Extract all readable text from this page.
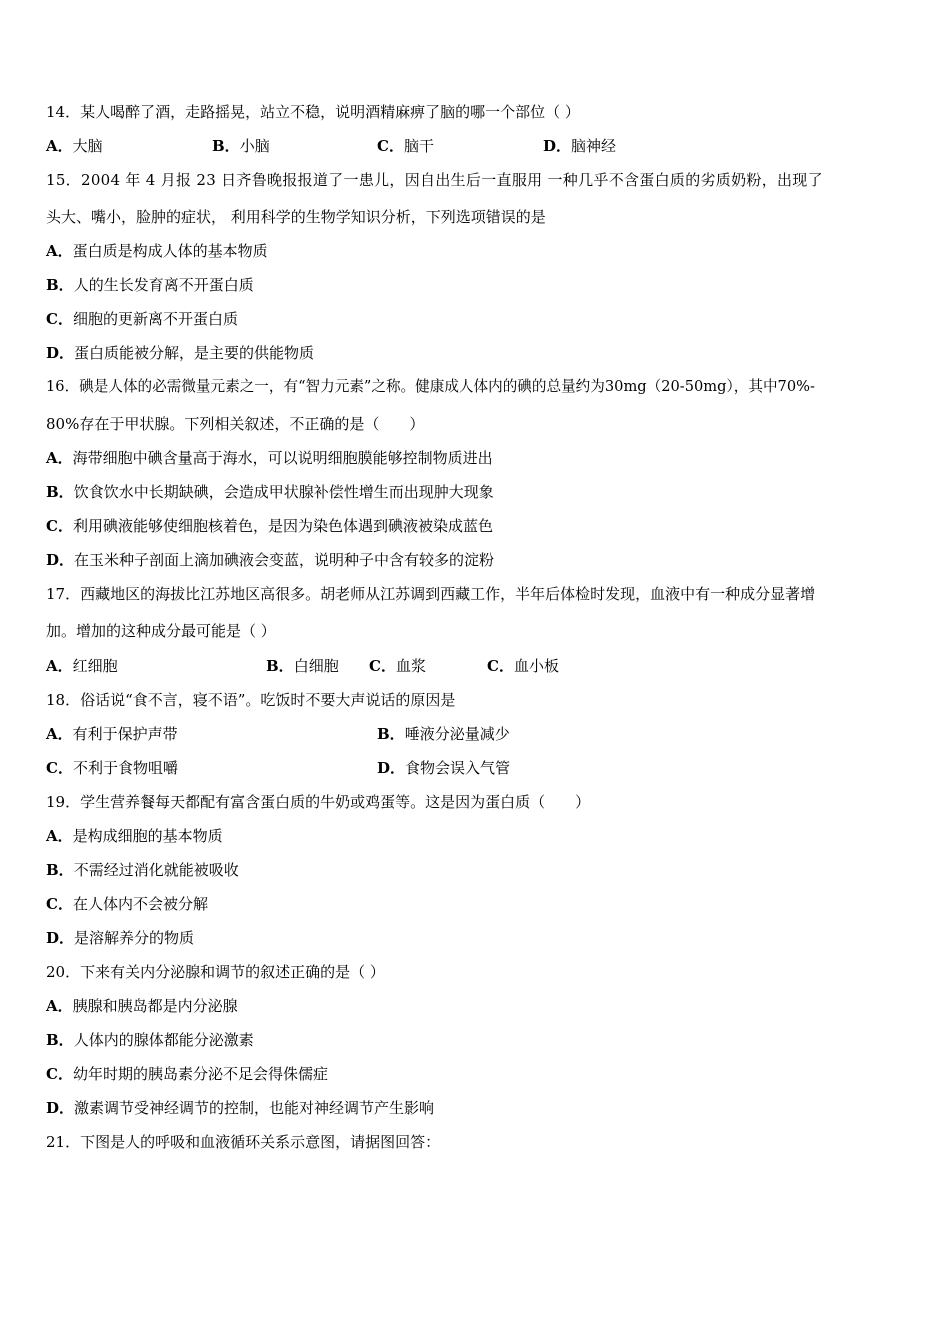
14．某人喝醉了酒，走路摇晃，站立不稳，说明酒精麻痹了脑的哪一个部位（ ）
A．大脑	B．小脑	C．脑干	D．脑神经
15．2004 年 4 月报 23 日齐鲁晚报报道了一患儿，因自出生后一直服用 一种几乎不含蛋白质的劣质奶粉，出现了
头大、嘴小，脸肿的症状， 利用科学的生物学知识分析，下列选项错误的是
A．蛋白质是构成人体的基本物质
B．人的生长发育离不开蛋白质
C．细胞的更新离不开蛋白质
D．蛋白质能被分解，是主要的供能物质
16．碘是人体的必需微量元素之一，有“智力元素”之称。健康成人体内的碘的总量约为30mg（20-50mg），其中70%-
80%存在于甲状腺。下列相关叙述，不正确的是（　　）
A．海带细胞中碘含量高于海水，可以说明细胞膜能够控制物质进出
B．饮食饮水中长期缺碘，会造成甲状腺补偿性增生而出现肿大现象
C．利用碘液能够使细胞核着色，是因为染色体遇到碘液被染成蓝色
D．在玉米种子剖面上滴加碘液会变蓝，说明种子中含有较多的淀粉
17．西藏地区的海拔比江苏地区高很多。胡老师从江苏调到西藏工作，半年后体检时发现，血液中有一种成分显著增
加。增加的这种成分最可能是（ ）
A．红细胞	B．白细胞 C．血浆	C．血小板
18．俗话说“食不言，寝不语”。吃饭时不要大声说话的原因是
A．有利于保护声带	B．唾液分泌量减少
C．不利于食物咀嚼	D．食物会误入气管
19．学生营养餐每天都配有富含蛋白质的牛奶或鸡蛋等。这是因为蛋白质（　　）
A．是构成细胞的基本物质
B．不需经过消化就能被吸收
C．在人体内不会被分解
D．是溶解养分的物质
20．下来有关内分泌腺和调节的叙述正确的是（ ）
A．胰腺和胰岛都是内分泌腺
B．人体内的腺体都能分泌激素
C．幼年时期的胰岛素分泌不足会得侏儒症
D．激素调节受神经调节的控制，也能对神经调节产生影响
21．下图是人的呼吸和血液循环关系示意图，请据图回答：
